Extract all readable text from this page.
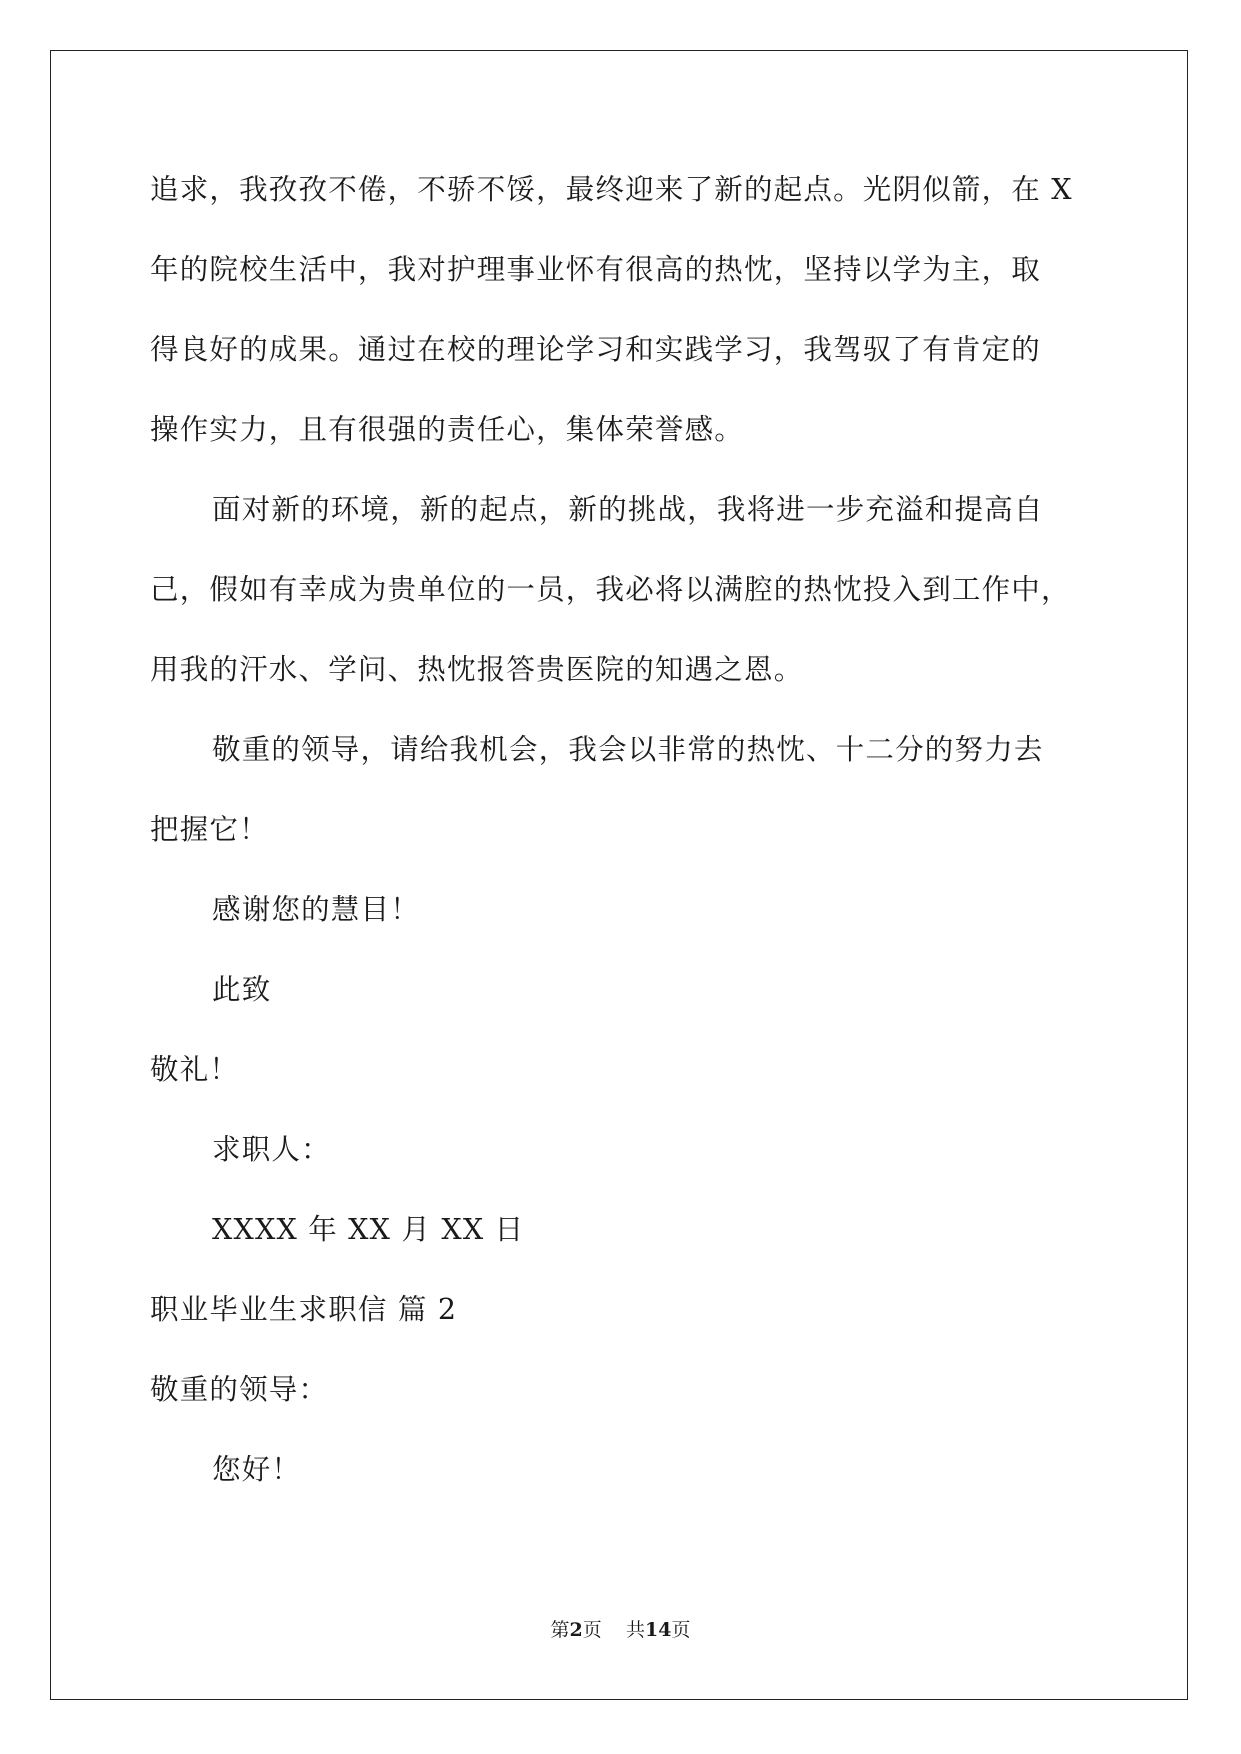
追求，我孜孜不倦，不骄不馁，最终迎来了新的起点。光阴似箭，在 X
年的院校生活中，我对护理事业怀有很高的热忱，坚持以学为主，取
得良好的成果。通过在校的理论学习和实践学习，我驾驭了有肯定的
操作实力，且有很强的责任心，集体荣誉感。
面对新的环境，新的起点，新的挑战，我将进一步充溢和提高自
己，假如有幸成为贵单位的一员，我必将以满腔的热忱投入到工作中，
用我的汗水、学问、热忱报答贵医院的知遇之恩。
敬重的领导，请给我机会，我会以非常的热忱、十二分的努力去
把握它！
感谢您的慧目！
此致
敬礼！
求职人：
XXXX 年 XX 月 XX 日
职业毕业生求职信 篇 2
敬重的领导：
您好！
第2页 共14页
